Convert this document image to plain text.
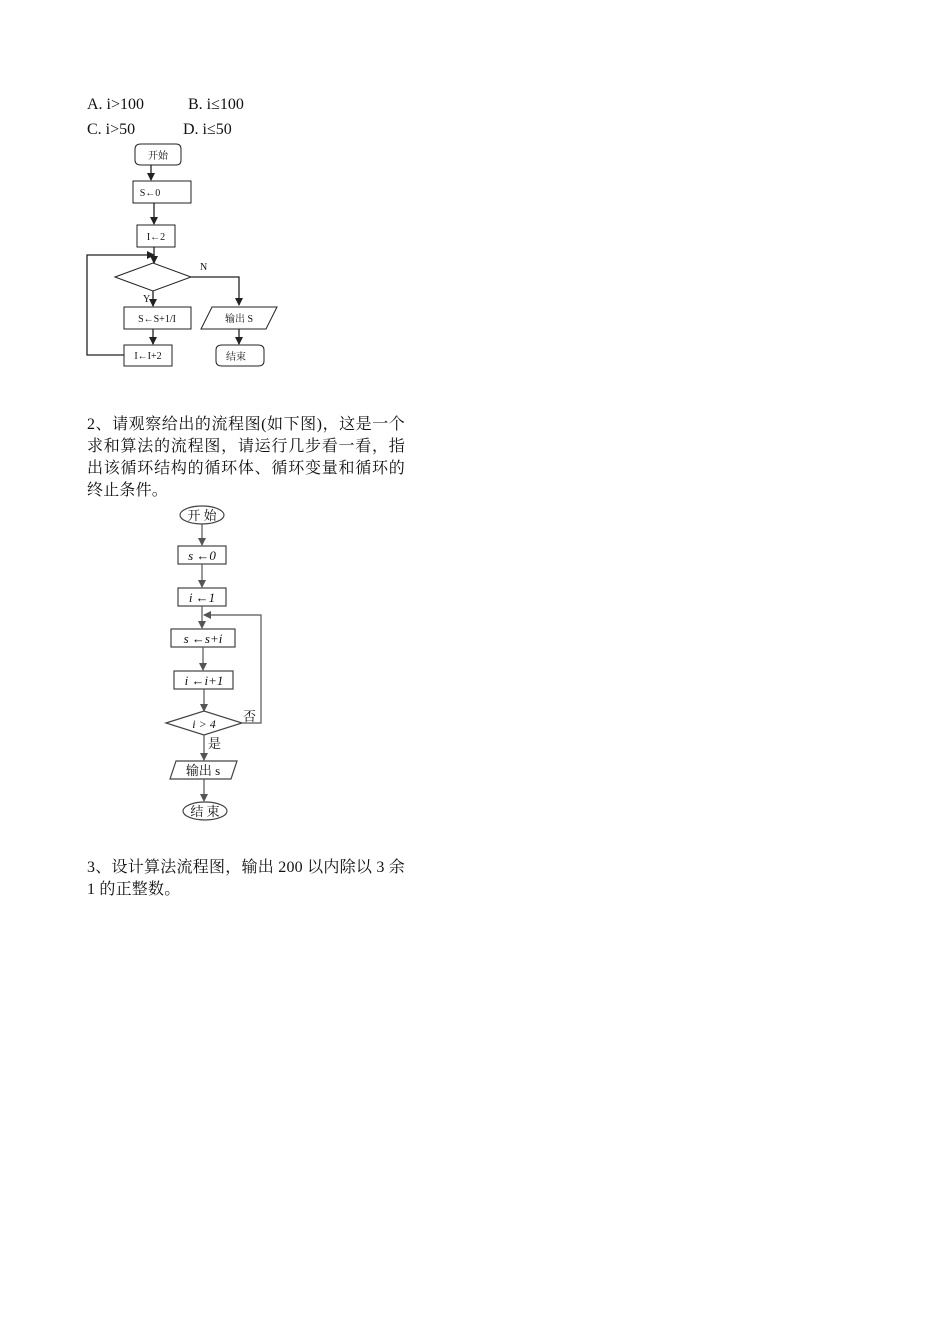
A. i>100	B. i≤100
C. i>50	D. i≤50
开始
S←0
I←2
N
Y
S←S+1/I
I←I+2
输出 S
结束
2、请观察给出的流程图(如下图)，这是一个求和算法的流程图，请运行几步看一看，指出该循环结构的循环体、循环变量和循环的终止条件。
开 始
s ←0
i ←1
s ←s+i
i ←i+1
i > 4 否
是
输出 s
结 束
3、设计算法流程图，输出 200 以内除以 3 余 1 的正整数。
